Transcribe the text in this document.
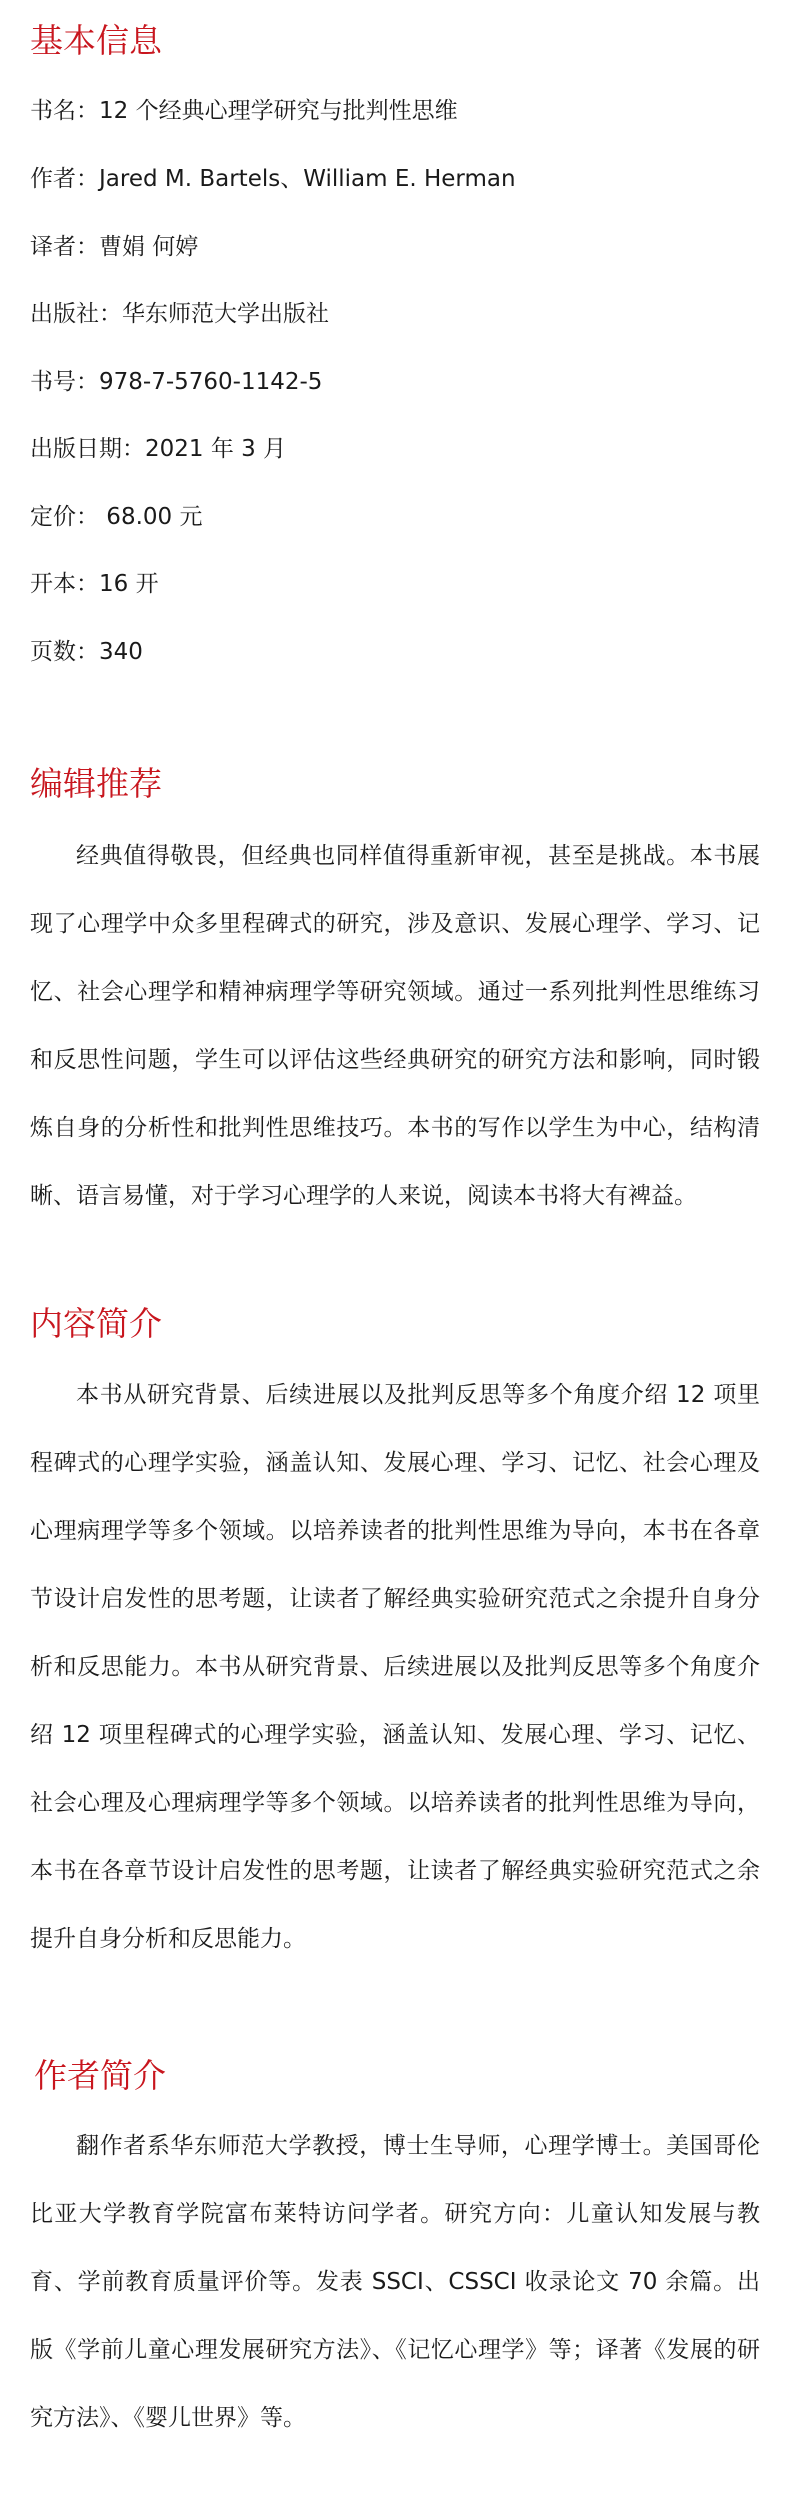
基本信息

书名：12 个经典心理学研究与批判性思维

作者：Jared M. Bartels、William E. Herman

译者：曹娟 何婷

出版社：华东师范大学出版社

书号：978-7-5760-1142-5

出版日期：2021 年 3 月

定价： 68.00 元

开本：16 开

页数：340

编辑推荐

经典值得敬畏，但经典也同样值得重新审视，甚至是挑战。本书展现了心理学中众多里程碑式的研究，涉及意识、发展心理学、学习、记忆、社会心理学和精神病理学等研究领域。通过一系列批判性思维练习和反思性问题，学生可以评估这些经典研究的研究方法和影响，同时锻炼自身的分析性和批判性思维技巧。本书的写作以学生为中心，结构清晰、语言易懂，对于学习心理学的人来说，阅读本书将大有裨益。

内容简介

本书从研究背景、后续进展以及批判反思等多个角度介绍 12 项里程碑式的心理学实验，涵盖认知、发展心理、学习、记忆、社会心理及心理病理学等多个领域。以培养读者的批判性思维为导向，本书在各章节设计启发性的思考题，让读者了解经典实验研究范式之余提升自身分析和反思能力。本书从研究背景、后续进展以及批判反思等多个角度介绍 12 项里程碑式的心理学实验，涵盖认知、发展心理、学习、记忆、社会心理及心理病理学等多个领域。以培养读者的批判性思维为导向，本书在各章节设计启发性的思考题，让读者了解经典实验研究范式之余提升自身分析和反思能力。

作者简介

翻作者系华东师范大学教授，博士生导师，心理学博士。美国哥伦比亚大学教育学院富布莱特访问学者。研究方向：儿童认知发展与教育、学前教育质量评价等。发表 SSCI、CSSCI 收录论文 70 余篇。出版《学前儿童心理发展研究方法》、《记忆心理学》等；译著《发展的研究方法》、《婴儿世界》等。
